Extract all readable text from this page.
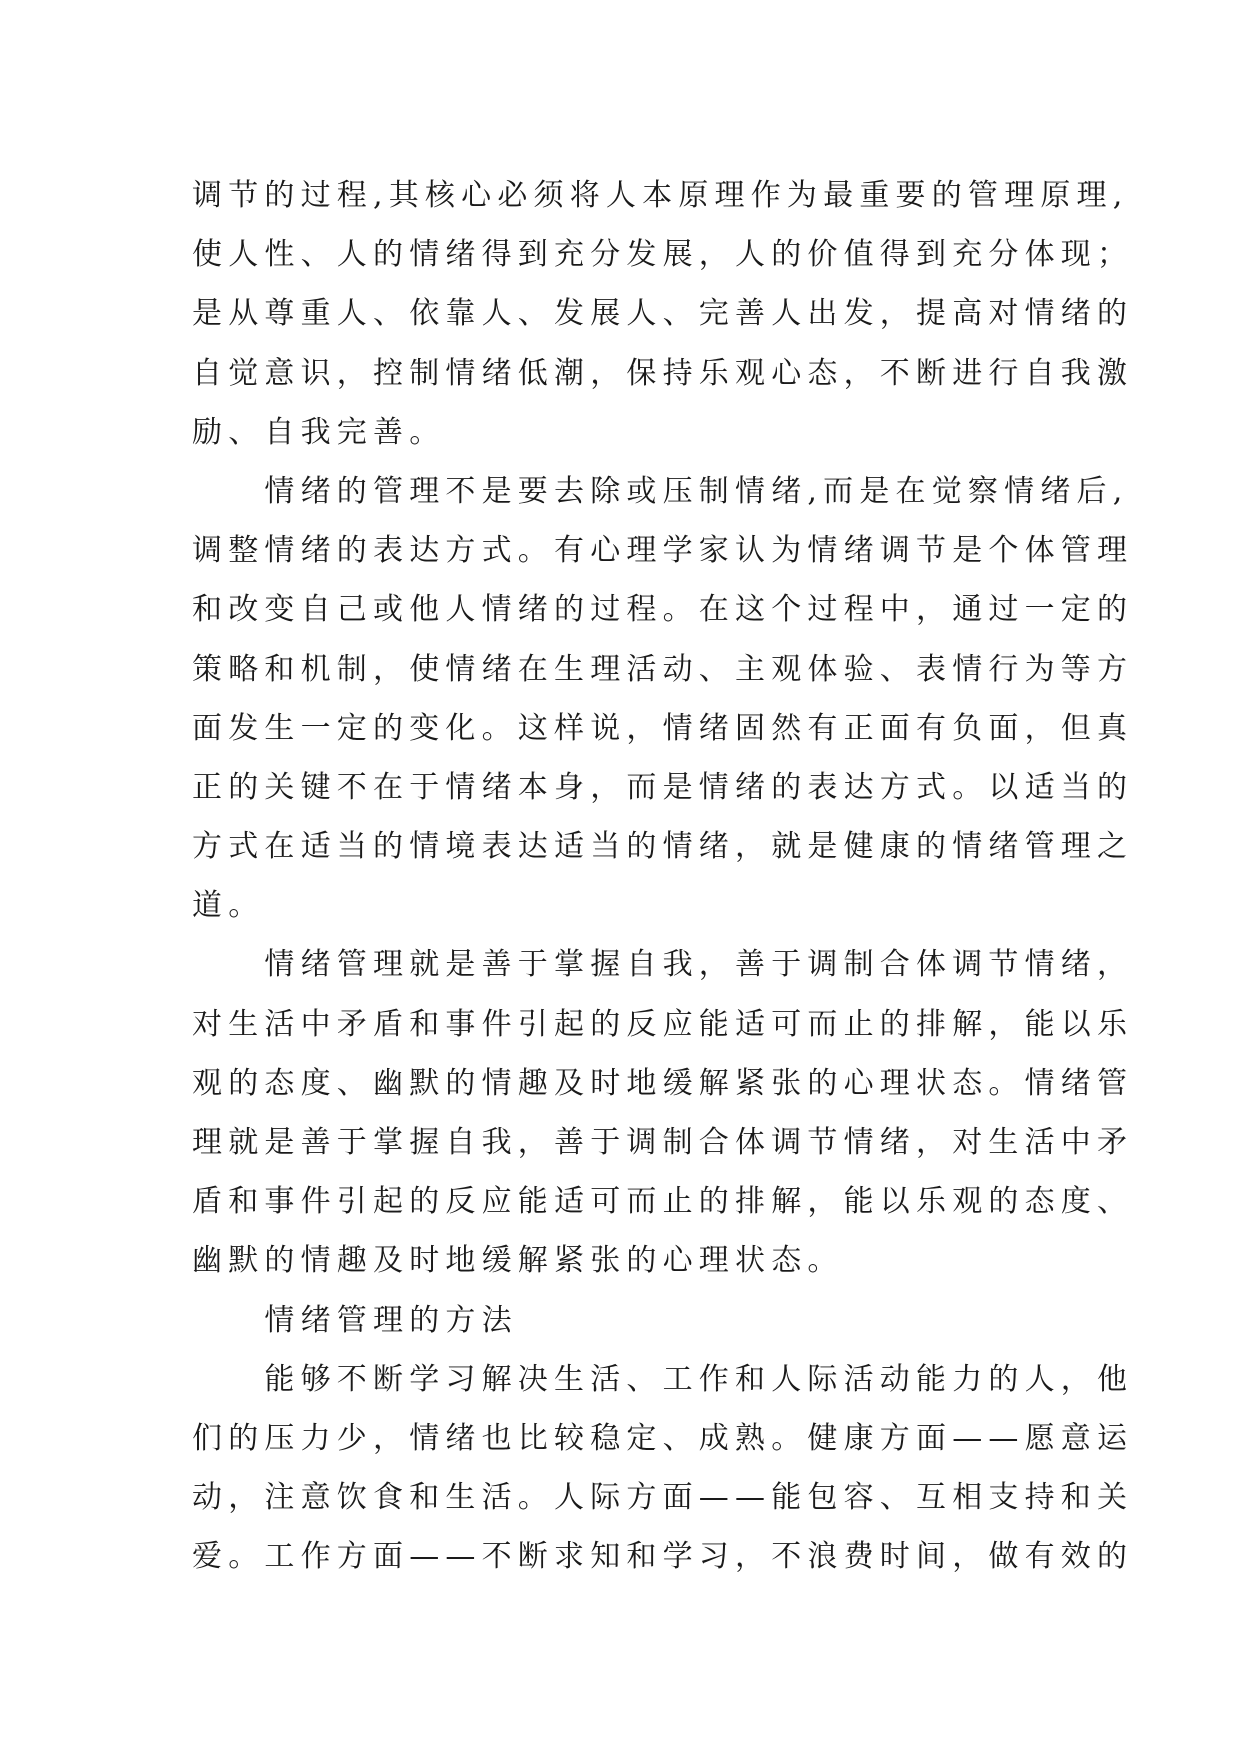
调节的过程,其核心必须将人本原理作为最重要的管理原理,
使人性、人的情绪得到充分发展，人的价值得到充分体现；
是从尊重人、依靠人、发展人、完善人出发，提高对情绪的
自觉意识，控制情绪低潮，保持乐观心态，不断进行自我激
励、自我完善。

　　情绪的管理不是要去除或压制情绪,而是在觉察情绪后,
调整情绪的表达方式。有心理学家认为情绪调节是个体管理
和改变自己或他人情绪的过程。在这个过程中，通过一定的
策略和机制，使情绪在生理活动、主观体验、表情行为等方
面发生一定的变化。这样说，情绪固然有正面有负面，但真
正的关键不在于情绪本身，而是情绪的表达方式。以适当的
方式在适当的情境表达适当的情绪，就是健康的情绪管理之
道。

　　情绪管理就是善于掌握自我，善于调制合体调节情绪，
对生活中矛盾和事件引起的反应能适可而止的排解，能以乐
观的态度、幽默的情趣及时地缓解紧张的心理状态。情绪管
理就是善于掌握自我，善于调制合体调节情绪，对生活中矛
盾和事件引起的反应能适可而止的排解，能以乐观的态度、
幽默的情趣及时地缓解紧张的心理状态。

　　情绪管理的方法

　　能够不断学习解决生活、工作和人际活动能力的人，他
们的压力少，情绪也比较稳定、成熟。健康方面——愿意运
动，注意饮食和生活。人际方面——能包容、互相支持和关
爱。工作方面——不断求知和学习，不浪费时间，做有效的
